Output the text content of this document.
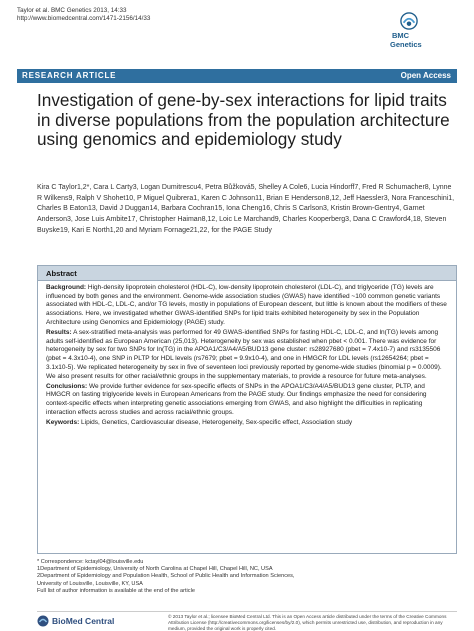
Taylor et al. BMC Genetics 2013, 14:33
http://www.biomedcentral.com/1471-2156/14/33
BMC
Genetics
RESEARCH ARTICLE	Open Access
Investigation of gene-by-sex interactions for lipid traits in diverse populations from the population architecture using genomics and epidemiology study
Kira C Taylor1,2*, Cara L Carty3, Logan Dumitrescu4, Petra Bůžková5, Shelley A Cole6, Lucia Hindorff7, Fred R Schumacher8, Lynne R Wilkens9, Ralph V Shohet10, P Miguel Quibrera1, Karen C Johnson11, Brian E Henderson8,12, Jeff Haessler3, Nora Franceschini1, Charles B Eaton13, David J Duggan14, Barbara Cochran15, Iona Cheng16, Chris S Carlson3, Kristin Brown-Gentry4, Garnet Anderson3, Jose Luis Ambite17, Christopher Haiman8,12, Loic Le Marchand9, Charles Kooperberg3, Dana C Crawford4,18, Steven Buyske19, Kari E North1,20 and Myriam Fornage21,22, for the PAGE Study
Abstract

Background: High-density lipoprotein cholesterol (HDL-C), low-density lipoprotein cholesterol (LDL-C), and triglyceride (TG) levels are influenced by both genes and the environment. Genome-wide association studies (GWAS) have identified ~100 common genetic variants associated with HDL-C, LDL-C, and/or TG levels, mostly in populations of European descent, but little is known about the modifiers of these associations. Here, we investigated whether GWAS-identified SNPs for lipid traits exhibited heterogeneity by sex in the Population Architecture using Genomics and Epidemiology (PAGE) study.

Results: A sex-stratified meta-analysis was performed for 49 GWAS-identified SNPs for fasting HDL-C, LDL-C, and ln(TG) levels among adults self-identified as European American (25,013). Heterogeneity by sex was established when pbet < 0.001. There was evidence for heterogeneity by sex for two SNPs for ln(TG) in the APOA1/C3/A4/A5/BUD13 gene cluster: rs28927680 (pbet = 7.4x10-7) and rs3135506 (pbet = 4.3x10-4), one SNP in PLTP for HDL levels (rs7679; pbet = 9.9x10-4), and one in HMGCR for LDL levels (rs12654264; pbet = 3.1x10-5). We replicated heterogeneity by sex in five of seventeen loci previously reported by genome-wide studies (binomial p = 0.0009). We also present results for other racial/ethnic groups in the supplementary materials, to provide a resource for future meta-analyses.

Conclusions: We provide further evidence for sex-specific effects of SNPs in the APOA1/C3/A4/A5/BUD13 gene cluster, PLTP, and HMGCR on fasting triglyceride levels in European Americans from the PAGE study. Our findings emphasize the need for considering context-specific effects when interpreting genetic associations emerging from GWAS, and also highlight the difficulties in replicating interaction effects across studies and across racial/ethnic groups.

Keywords: Lipids, Genetics, Cardiovascular disease, Heterogeneity, Sex-specific effect, Association study

* Correspondence: kctayl04@louisville.edu
1Department of Epidemiology, University of North Carolina at Chapel Hill, Chapel Hill, NC, USA
2Department of Epidemiology and Population Health, School of Public Health and Information Sciences, University of Louisville, Louisville, KY, USA
Full list of author information is available at the end of the article
BioMed Central	© 2013 Taylor et al.; licensee BioMed Central Ltd. This is an Open Access article distributed under the terms of the Creative Commons Attribution License (http://creativecommons.org/licenses/by/2.0), which permits unrestricted use, distribution, and reproduction in any medium, provided the original work is properly cited.
